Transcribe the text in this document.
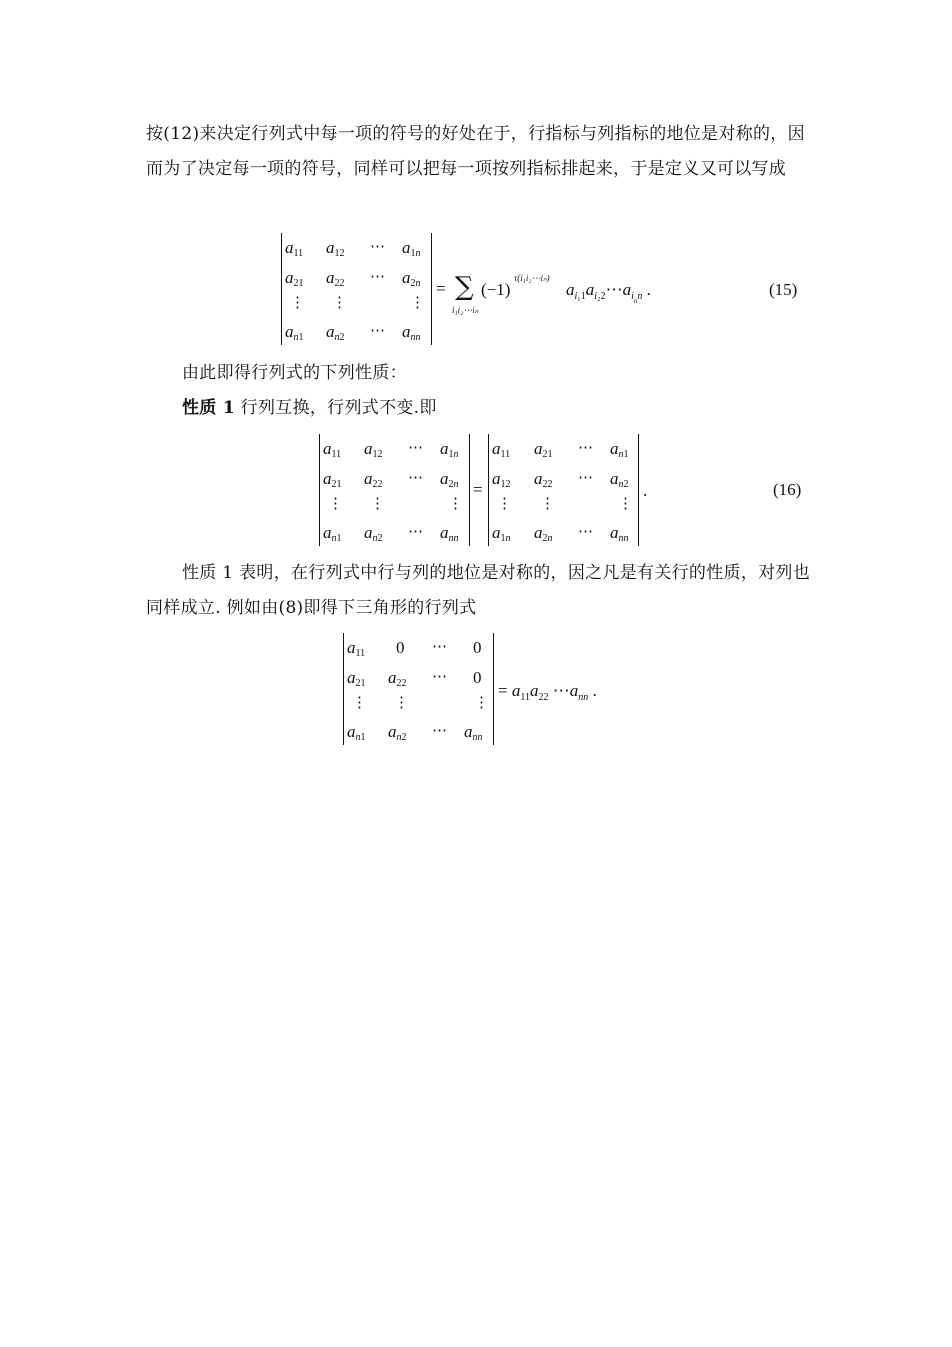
按(12)来决定行列式中每一项的符号的好处在于，行指标与列指标的地位是对称的，因而为了决定每一项的符号，同样可以把每一项按列指标排起来，于是定义又可以写成

$a_{11}$ $a_{12}$ ⋯ $a_{1n}$
$a_{21}$ $a_{22}$ ⋯ $a_{2n}$
⋮ ⋮	⋮
$a_{n1}$ $a_{n2}$ ⋯ $a_{nn}$
= ∑
i₁i₂⋯iₙ
(−1)
τ(i₁i₂⋯iₙ)
$a_{i_11}a_{i_22}\cdots a_{i_nn}$ .	(15)

由此即得行列式的下列性质：

性质 1 行列互换，行列式不变.即

$a_{11}$ $a_{12}$ ⋯ $a_{1n}$
$a_{21}$ $a_{22}$ ⋯ $a_{2n}$
⋮ ⋮	⋮
$a_{n1}$ $a_{n2}$ ⋯ $a_{nn}$
=
$a_{11}$ $a_{21}$ ⋯ $a_{n1}$
$a_{12}$ $a_{22}$ ⋯ $a_{n2}$
⋮ ⋮	⋮
$a_{1n}$ $a_{2n}$ ⋯ $a_{nn}$
.	(16)

性质 1 表明，在行列式中行与列的地位是对称的，因之凡是有关行的性质，对列也同样成立. 例如由(8)即得下三角形的行列式

$a_{11}$ 0 ⋯ 0
$a_{21}$ $a_{22}$ ⋯ 0
⋮ ⋮	⋮
$a_{n1}$ $a_{n2}$ ⋯ $a_{nn}$
= $a_{11}a_{22}$ $\cdots a_{nn}$ .
